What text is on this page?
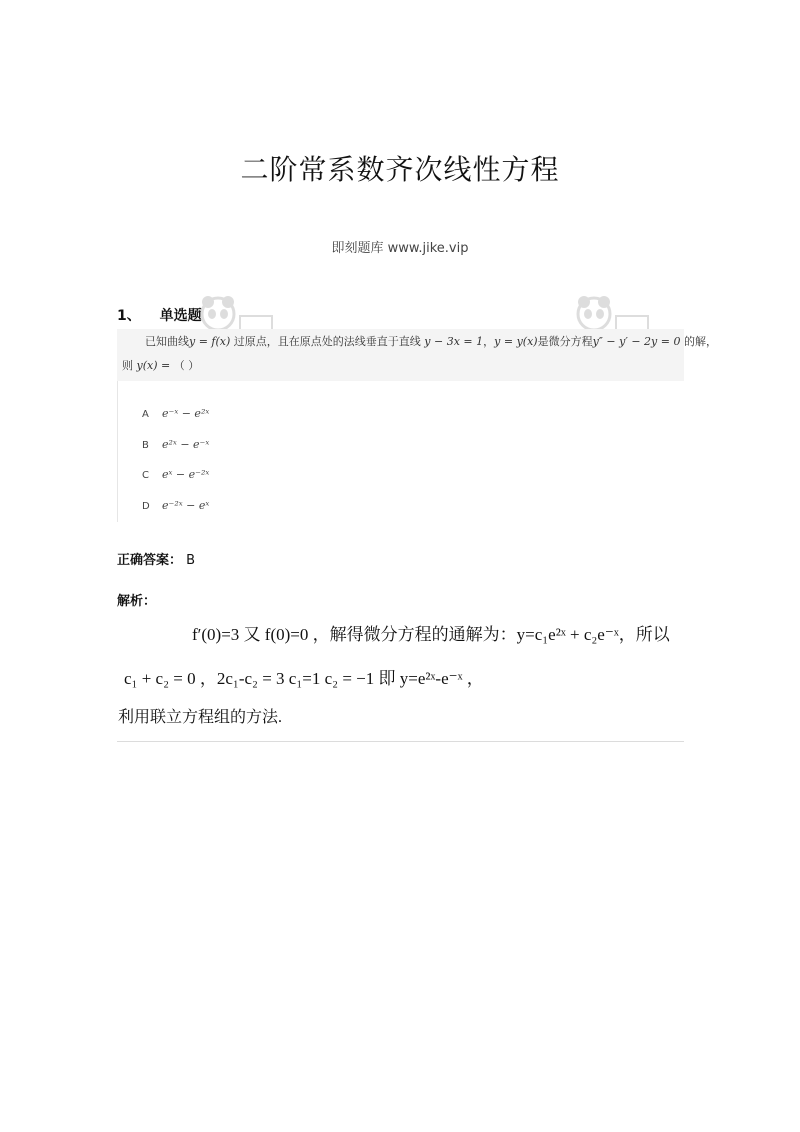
二阶常系数齐次线性方程
即刻题库 www.jike.vip
1、 单选题
已知曲线y = f(x) 过原点，且在原点处的法线垂直于直线 y − 3x = 1，y = y(x)是微分方程y″ − y′ − 2y = 0 的解，
则 y(x) = （ ）
A e⁻ˣ − e²ˣ
B e²ˣ − e⁻ˣ
C eˣ − e⁻²ˣ
D e⁻²ˣ − eˣ
正确答案： B
解析：
f′(0)=3 又 f(0)=0 ，解得微分方程的通解为：y=c₁e²ˣ + c₂e⁻ˣ，所以
c₁ + c₂ = 0 ，2c₁-c₂ = 3 c₁=1 c₂ = −1 即 y=e²ˣ-e⁻ˣ ，
利用联立方程组的方法.
